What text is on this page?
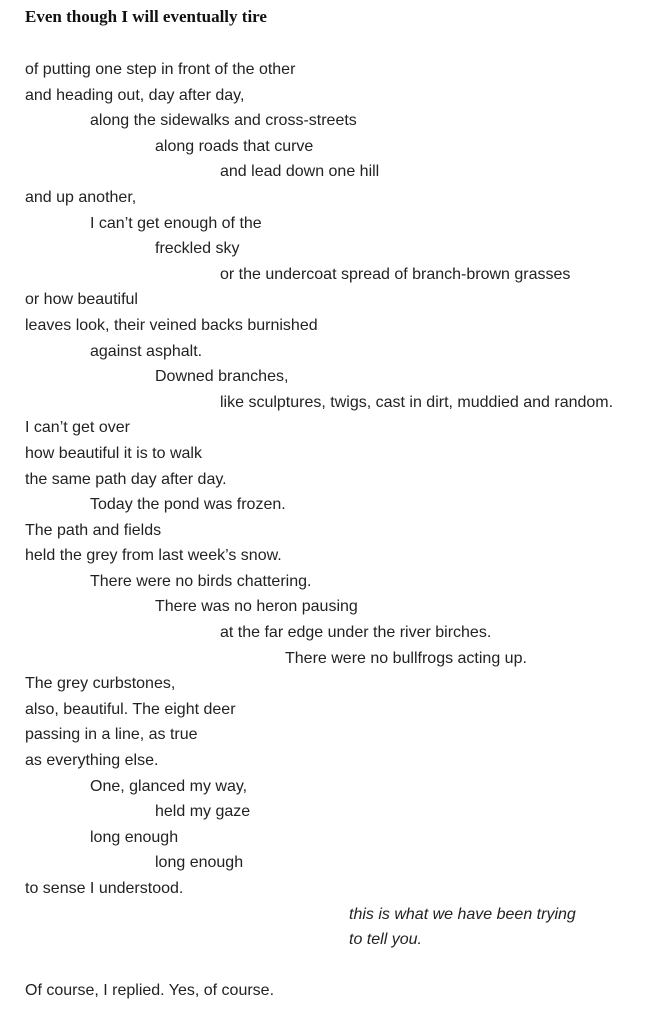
Even though I will eventually tire
of putting one step in front of the other
and heading out, day after day,
along the sidewalks and cross-streets
along roads that curve
and lead down one hill
and up another,
I can’t get enough of the
freckled sky
or the undercoat spread of branch-brown grasses
or how beautiful
leaves look, their veined backs burnished
against asphalt.
Downed branches,
like sculptures, twigs, cast in dirt, muddied and random.
I can’t get over
how beautiful it is to walk
the same path day after day.
Today the pond was frozen.
The path and fields
held the grey from last week’s snow.
There were no birds chattering.
There was no heron pausing
at the far edge under the river birches.
There were no bullfrogs acting up.
The grey curbstones,
also, beautiful. The eight deer
passing in a line, as true
as everything else.
One, glanced my way,
held my gaze
long enough
long enough
to sense I understood.
this is what we have been trying
to tell you.
Of course, I replied. Yes, of course.
